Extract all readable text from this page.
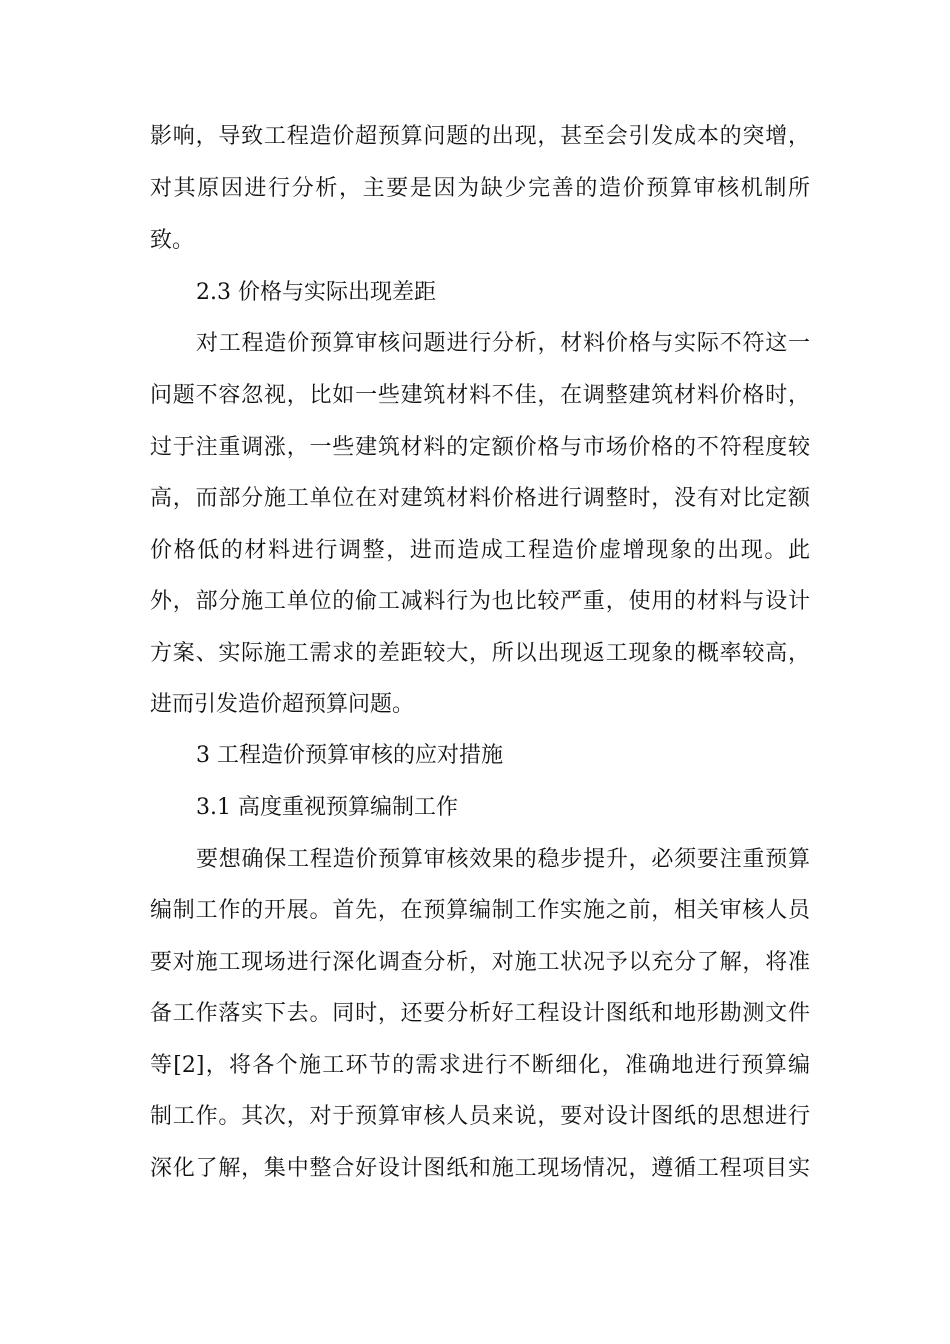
影响，导致工程造价超预算问题的出现，甚至会引发成本的突增，
对其原因进行分析，主要是因为缺少完善的造价预算审核机制所
致。
2.3 价格与实际出现差距
对工程造价预算审核问题进行分析，材料价格与实际不符这一
问题不容忽视，比如一些建筑材料不佳，在调整建筑材料价格时，
过于注重调涨，一些建筑材料的定额价格与市场价格的不符程度较
高，而部分施工单位在对建筑材料价格进行调整时，没有对比定额
价格低的材料进行调整，进而造成工程造价虚增现象的出现。此
外，部分施工单位的偷工减料行为也比较严重，使用的材料与设计
方案、实际施工需求的差距较大，所以出现返工现象的概率较高，
进而引发造价超预算问题。
3 工程造价预算审核的应对措施
3.1 高度重视预算编制工作
要想确保工程造价预算审核效果的稳步提升，必须要注重预算
编制工作的开展。首先，在预算编制工作实施之前，相关审核人员
要对施工现场进行深化调查分析，对施工状况予以充分了解，将准
备工作落实下去。同时，还要分析好工程设计图纸和地形勘测文件
等[2]，将各个施工环节的需求进行不断细化，准确地进行预算编
制工作。其次，对于预算审核人员来说，要对设计图纸的思想进行
深化了解，集中整合好设计图纸和施工现场情况，遵循工程项目实
